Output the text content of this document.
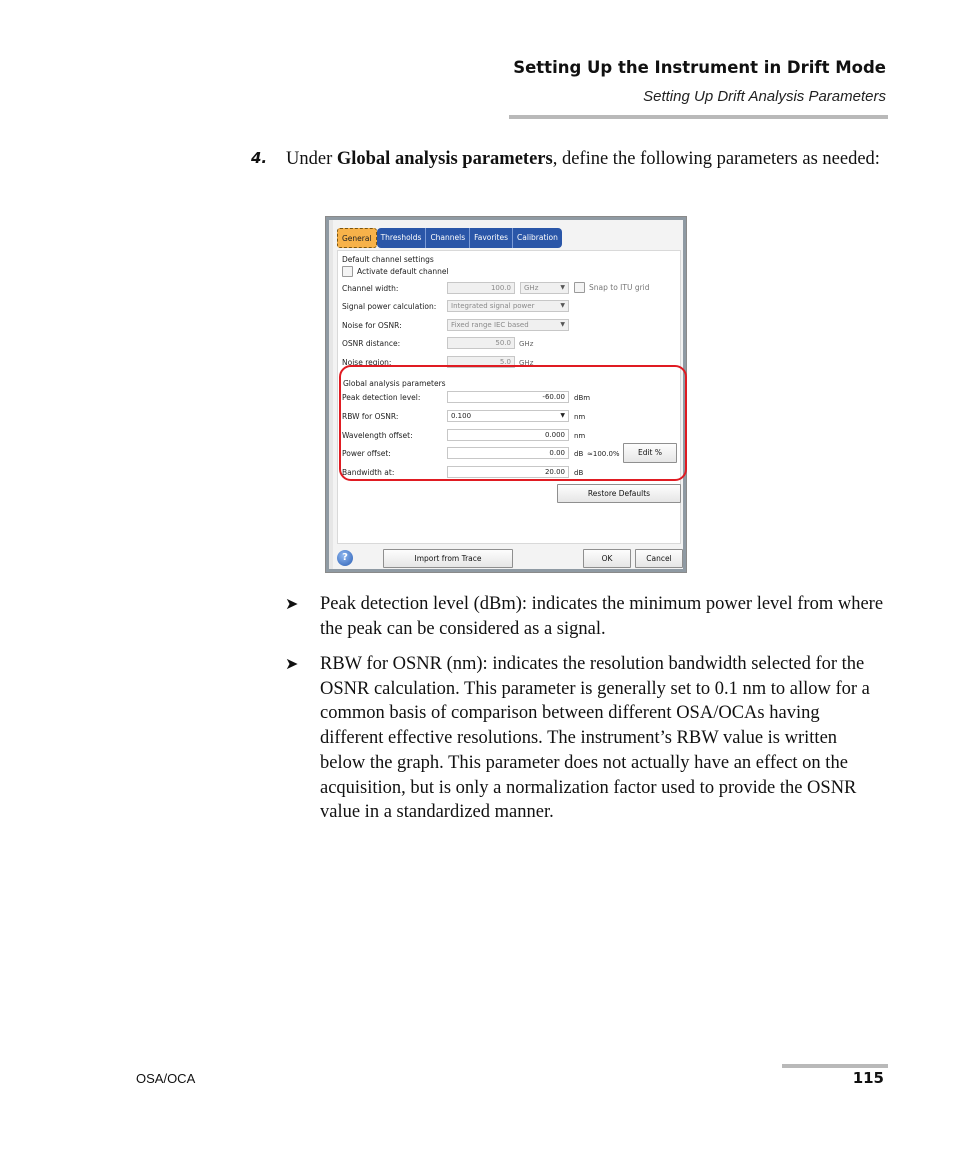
Setting Up the Instrument in Drift Mode
Setting Up Drift Analysis Parameters
4. Under Global analysis parameters, define the following parameters as needed:
General	Thresholds	Channels	Favorites	Calibration
Default channel settings
Activate default channel
Channel width:	100.0	GHz	▼	Snap to ITU grid
Signal power calculation:	Integrated signal power	▼
Noise for OSNR:	Fixed range IEC based	▼
OSNR distance:	50.0	GHz
Noise region:	5.0	GHz
Global analysis parameters
Peak detection level:	-60.00	dBm
RBW for OSNR:	0.100	▼ nm
Wavelength offset:	0.000	nm
Power offset:	0.00	dB ≈100.0%	Edit %
Bandwidth at:	20.00	dB
Restore Defaults
?	Import from Trace	OK	Cancel
➤ Peak detection level (dBm): indicates the minimum power level from where the peak can be considered as a signal.
➤ RBW for OSNR (nm): indicates the resolution bandwidth selected for the OSNR calculation. This parameter is generally set to 0.1 nm to allow for a common basis of comparison between different OSA/OCAs having different effective resolutions. The instrument’s RBW value is written below the graph. This parameter does not actually have an effect on the acquisition, but is only a normalization factor used to provide the OSNR value in a standardized manner.
OSA/OCA	115
